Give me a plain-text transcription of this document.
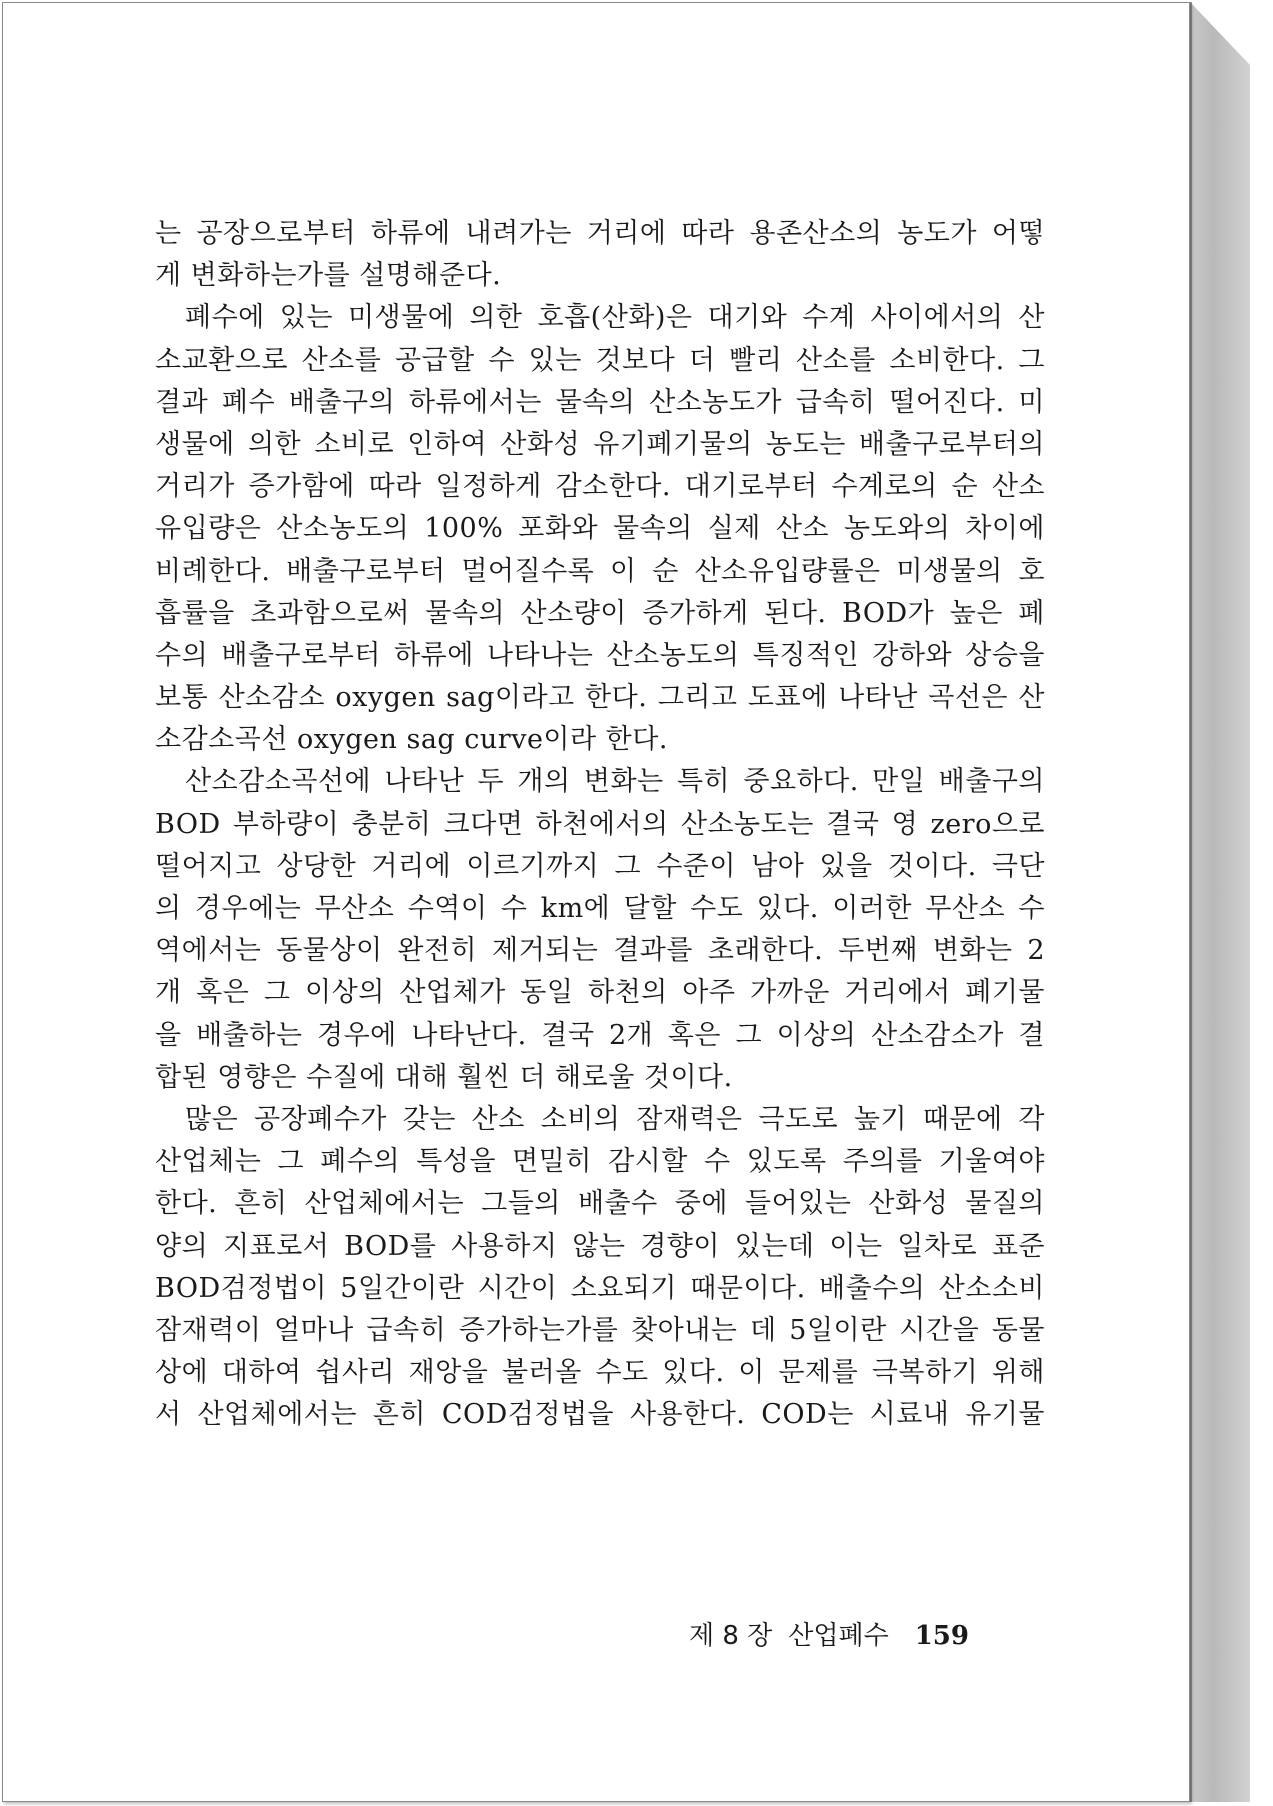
는 공장으로부터 하류에 내려가는 거리에 따라 용존산소의 농도가 어떻
게 변화하는가를 설명해준다.
폐수에 있는 미생물에 의한 호흡(산화)은 대기와 수계 사이에서의 산
소교환으로 산소를 공급할 수 있는 것보다 더 빨리 산소를 소비한다. 그
결과 폐수 배출구의 하류에서는 물속의 산소농도가 급속히 떨어진다. 미
생물에 의한 소비로 인하여 산화성 유기폐기물의 농도는 배출구로부터의
거리가 증가함에 따라 일정하게 감소한다. 대기로부터 수계로의 순 산소
유입량은 산소농도의 100% 포화와 물속의 실제 산소 농도와의 차이에
비례한다. 배출구로부터 멀어질수록 이 순 산소유입량률은 미생물의 호
흡률을 초과함으로써 물속의 산소량이 증가하게 된다. BOD가 높은 폐
수의 배출구로부터 하류에 나타나는 산소농도의 특징적인 강하와 상승을
보통 산소감소 oxygen sag이라고 한다. 그리고 도표에 나타난 곡선은 산
소감소곡선 oxygen sag curve이라 한다.
산소감소곡선에 나타난 두 개의 변화는 특히 중요하다. 만일 배출구의
BOD 부하량이 충분히 크다면 하천에서의 산소농도는 결국 영 zero으로
떨어지고 상당한 거리에 이르기까지 그 수준이 남아 있을 것이다. 극단
의 경우에는 무산소 수역이 수 km에 달할 수도 있다. 이러한 무산소 수
역에서는 동물상이 완전히 제거되는 결과를 초래한다. 두번째 변화는 2
개 혹은 그 이상의 산업체가 동일 하천의 아주 가까운 거리에서 폐기물
을 배출하는 경우에 나타난다. 결국 2개 혹은 그 이상의 산소감소가 결
합된 영향은 수질에 대해 훨씬 더 해로울 것이다.
많은 공장폐수가 갖는 산소 소비의 잠재력은 극도로 높기 때문에 각
산업체는 그 폐수의 특성을 면밀히 감시할 수 있도록 주의를 기울여야
한다. 흔히 산업체에서는 그들의 배출수 중에 들어있는 산화성 물질의
양의 지표로서 BOD를 사용하지 않는 경향이 있는데 이는 일차로 표준
BOD검정법이 5일간이란 시간이 소요되기 때문이다. 배출수의 산소소비
잠재력이 얼마나 급속히 증가하는가를 찾아내는 데 5일이란 시간을 동물
상에 대하여 쉽사리 재앙을 불러올 수도 있다. 이 문제를 극복하기 위해
서 산업체에서는 흔히 COD검정법을 사용한다. COD는 시료내 유기물
제 8 장 산업폐수 159
